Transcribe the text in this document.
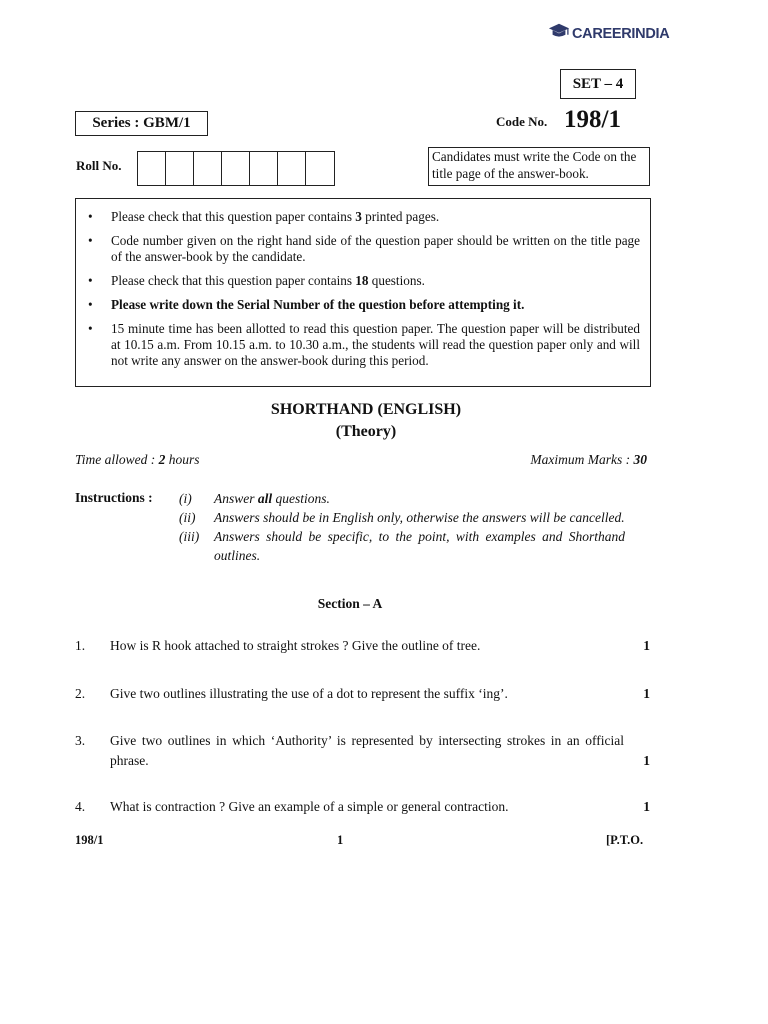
CAREERINDIA
SET – 4
Series : GBM/1	Code No. 198/1
Roll No.
Candidates must write the Code on the title page of the answer-book.
• Please check that this question paper contains 3 printed pages.
• Code number given on the right hand side of the question paper should be written on the title page of the answer-book by the candidate.
• Please check that this question paper contains 18 questions.
• Please write down the Serial Number of the question before attempting it.
• 15 minute time has been allotted to read this question paper. The question paper will be distributed at 10.15 a.m. From 10.15 a.m. to 10.30 a.m., the students will read the question paper only and will not write any answer on the answer-book during this period.
SHORTHAND (ENGLISH)
(Theory)
Time allowed : 2 hours	Maximum Marks : 30
Instructions : (i)	Answer all questions.
(ii)	Answers should be in English only, otherwise the answers will be cancelled.
(iii)	Answers should be specific, to the point, with examples and Shorthand outlines.
Section – A
1.	How is R hook attached to straight strokes ? Give the outline of tree.	1
2.	Give two outlines illustrating the use of a dot to represent the suffix ‘ing’.	1
3.	Give two outlines in which ‘Authority’ is represented by intersecting strokes in an official phrase.	1
4.	What is contraction ? Give an example of a simple or general contraction.	1
198/1	1	[P.T.O.
